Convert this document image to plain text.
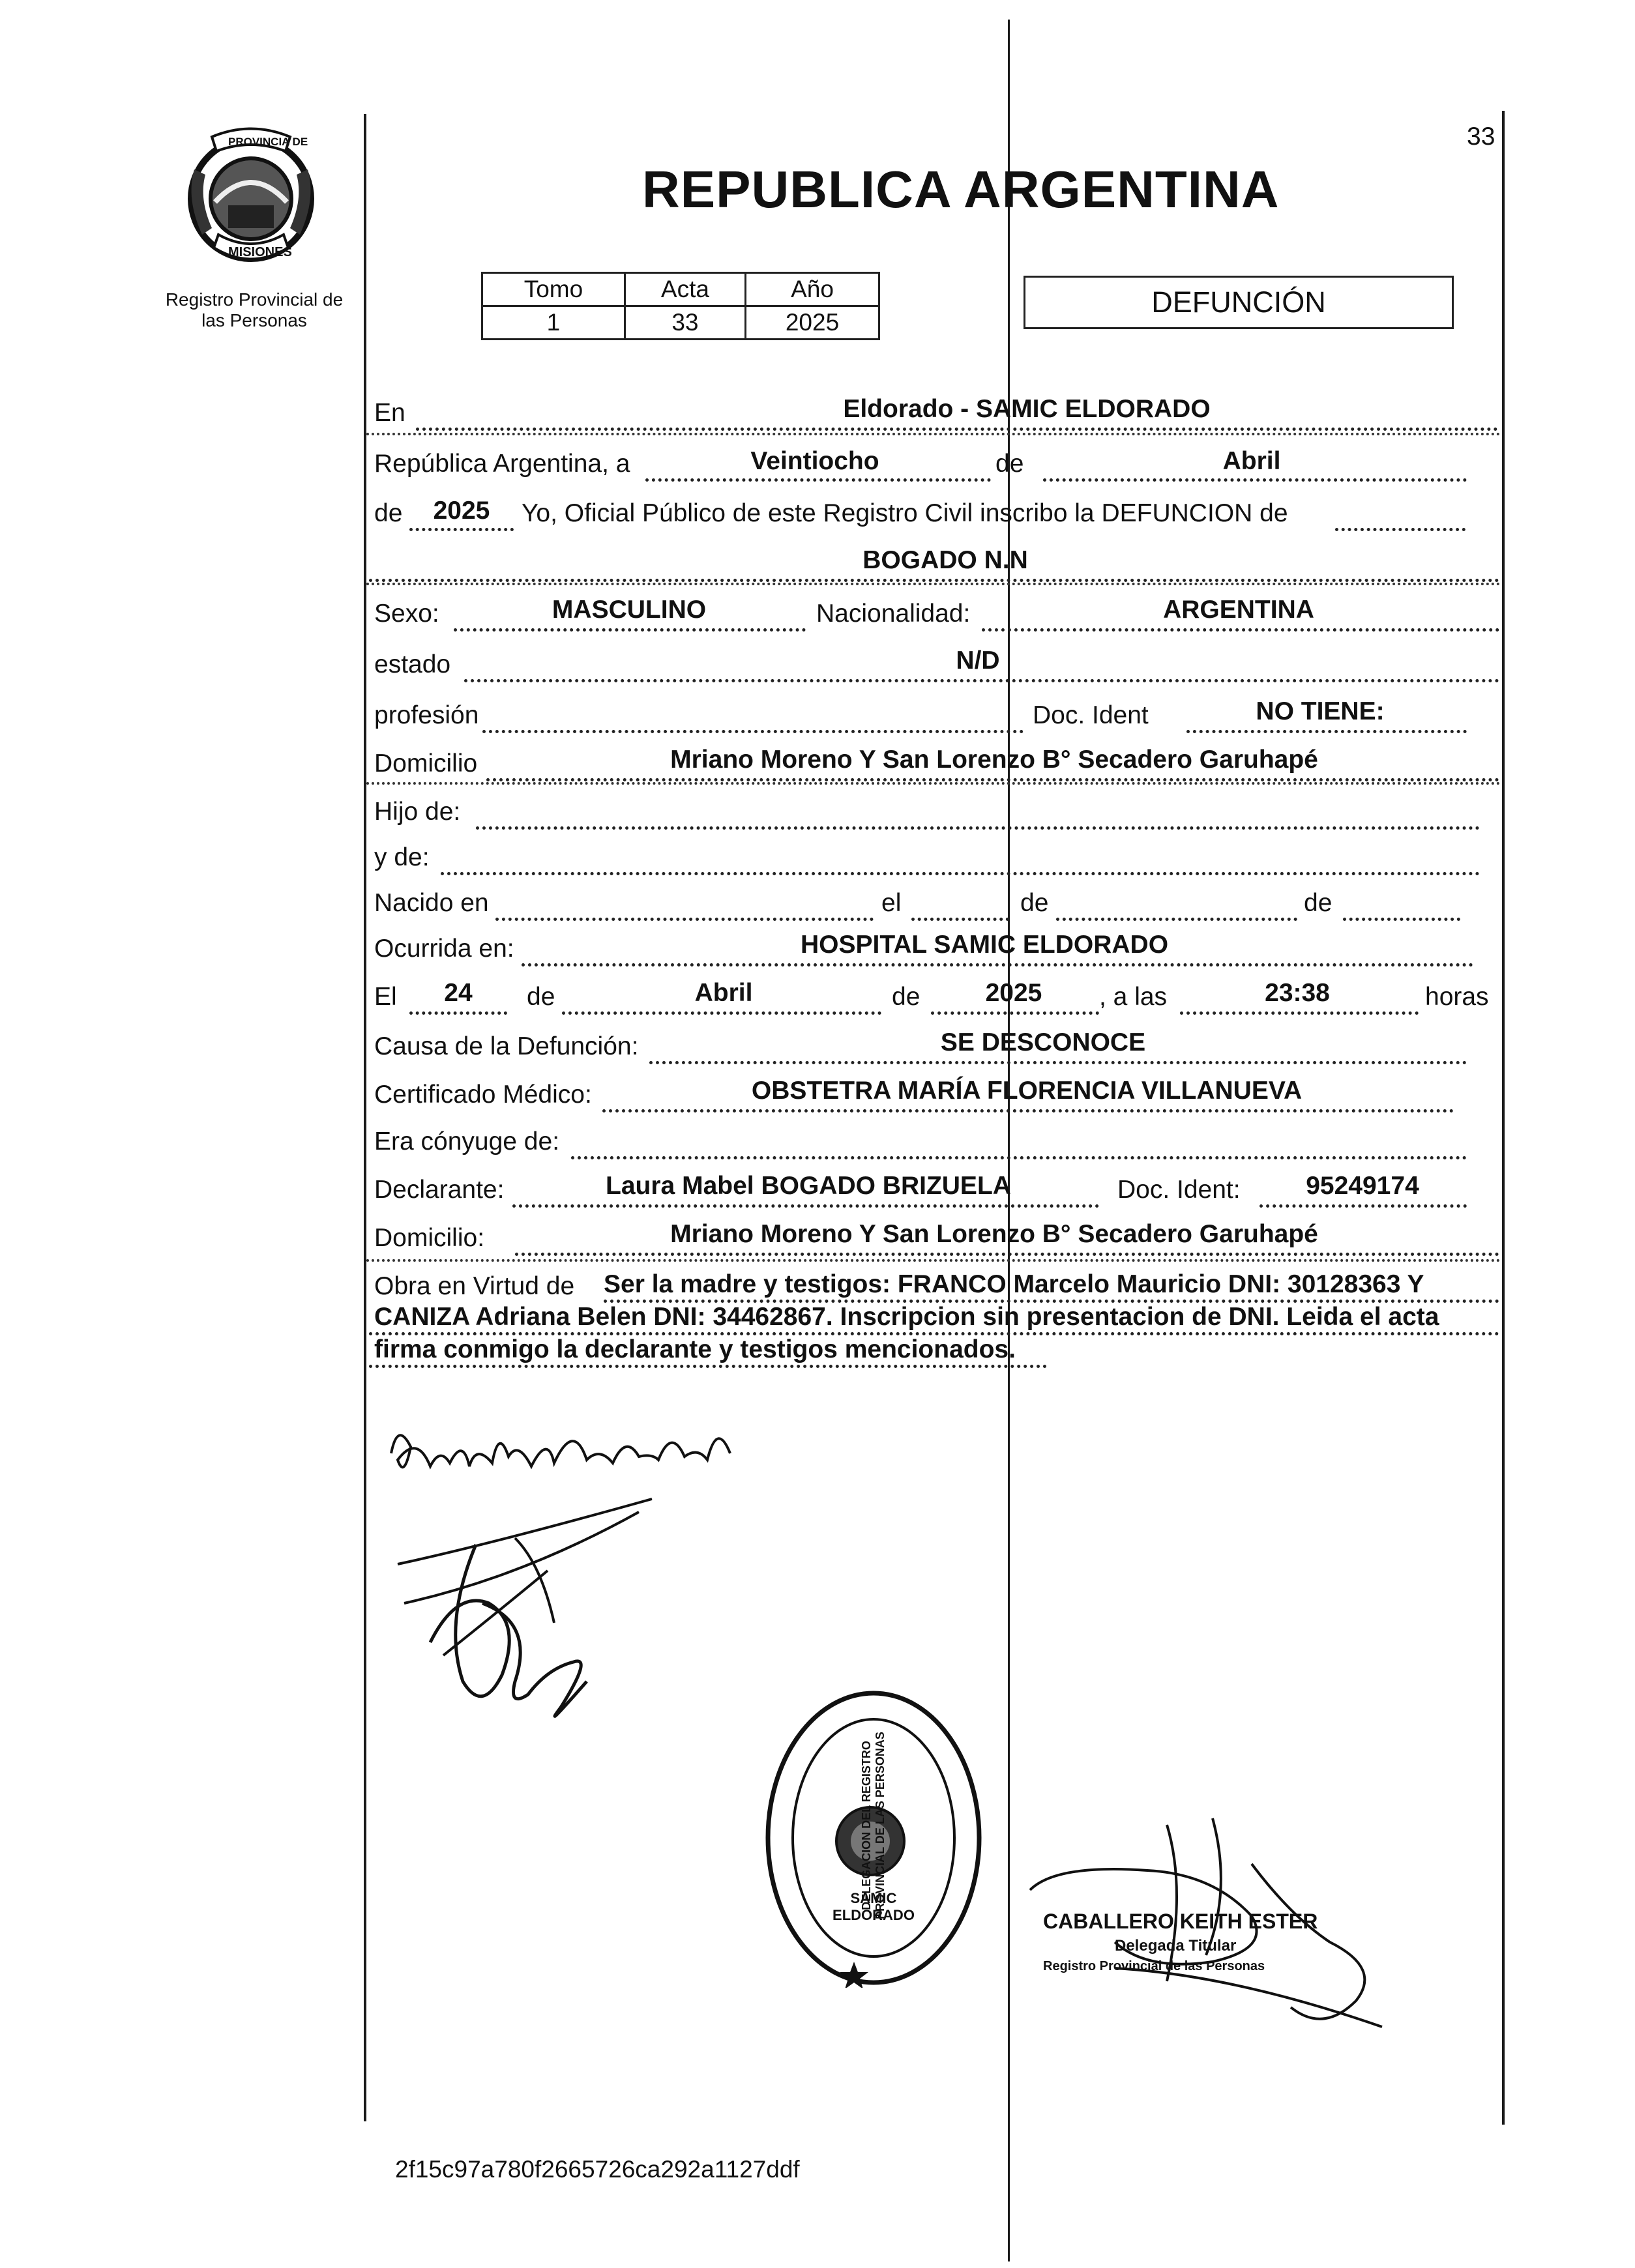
33
PROVINCIA DE
MISIONES
Registro Provincial de
las Personas
REPUBLICA ARGENTINA
Tomo	Acta	Año
1	33	2025
DEFUNCIÓN
En	Eldorado - SAMIC ELDORADO
República Argentina, a	Veintiocho	de	Abril
de	2025	Yo, Oficial Público de este Registro Civil inscribo la DEFUNCION de
BOGADO N.N
Sexo:	MASCULINO	Nacionalidad:	ARGENTINA
estado	N/D
profesión	Doc. Ident	NO TIENE:
Domicilio	Mriano Moreno Y San Lorenzo B° Secadero Garuhapé
Hijo de:
y de:
Nacido en	el	de	de
Ocurrida en:	HOSPITAL SAMIC ELDORADO
El	24	de	Abril	de	2025	, a las	23:38	horas
Causa de la Defunción:	SE DESCONOCE
Certificado Médico:	OBSTETRA MARÍA FLORENCIA VILLANUEVA
Era cónyuge de:
Declarante:	Laura Mabel BOGADO BRIZUELA	Doc. Ident:	95249174
Domicilio:	Mriano Moreno Y San Lorenzo B° Secadero Garuhapé
Obra en Virtud de Ser la madre y testigos: FRANCO Marcelo Mauricio DNI: 30128363 Y
CANIZA Adriana Belen DNI: 34462867. Inscripcion sin presentacion de DNI. Leida el acta
firma conmigo la declarante y testigos mencionados.
DELEGACION DEL REGISTRO PROVINCIAL DE LAS PERSONAS
SAMIC ELDORADO	CABALLERO KEITH ESTER
Delegada Titular
Registro Provincial de las Personas
2f15c97a780f2665726ca292a1127ddf
